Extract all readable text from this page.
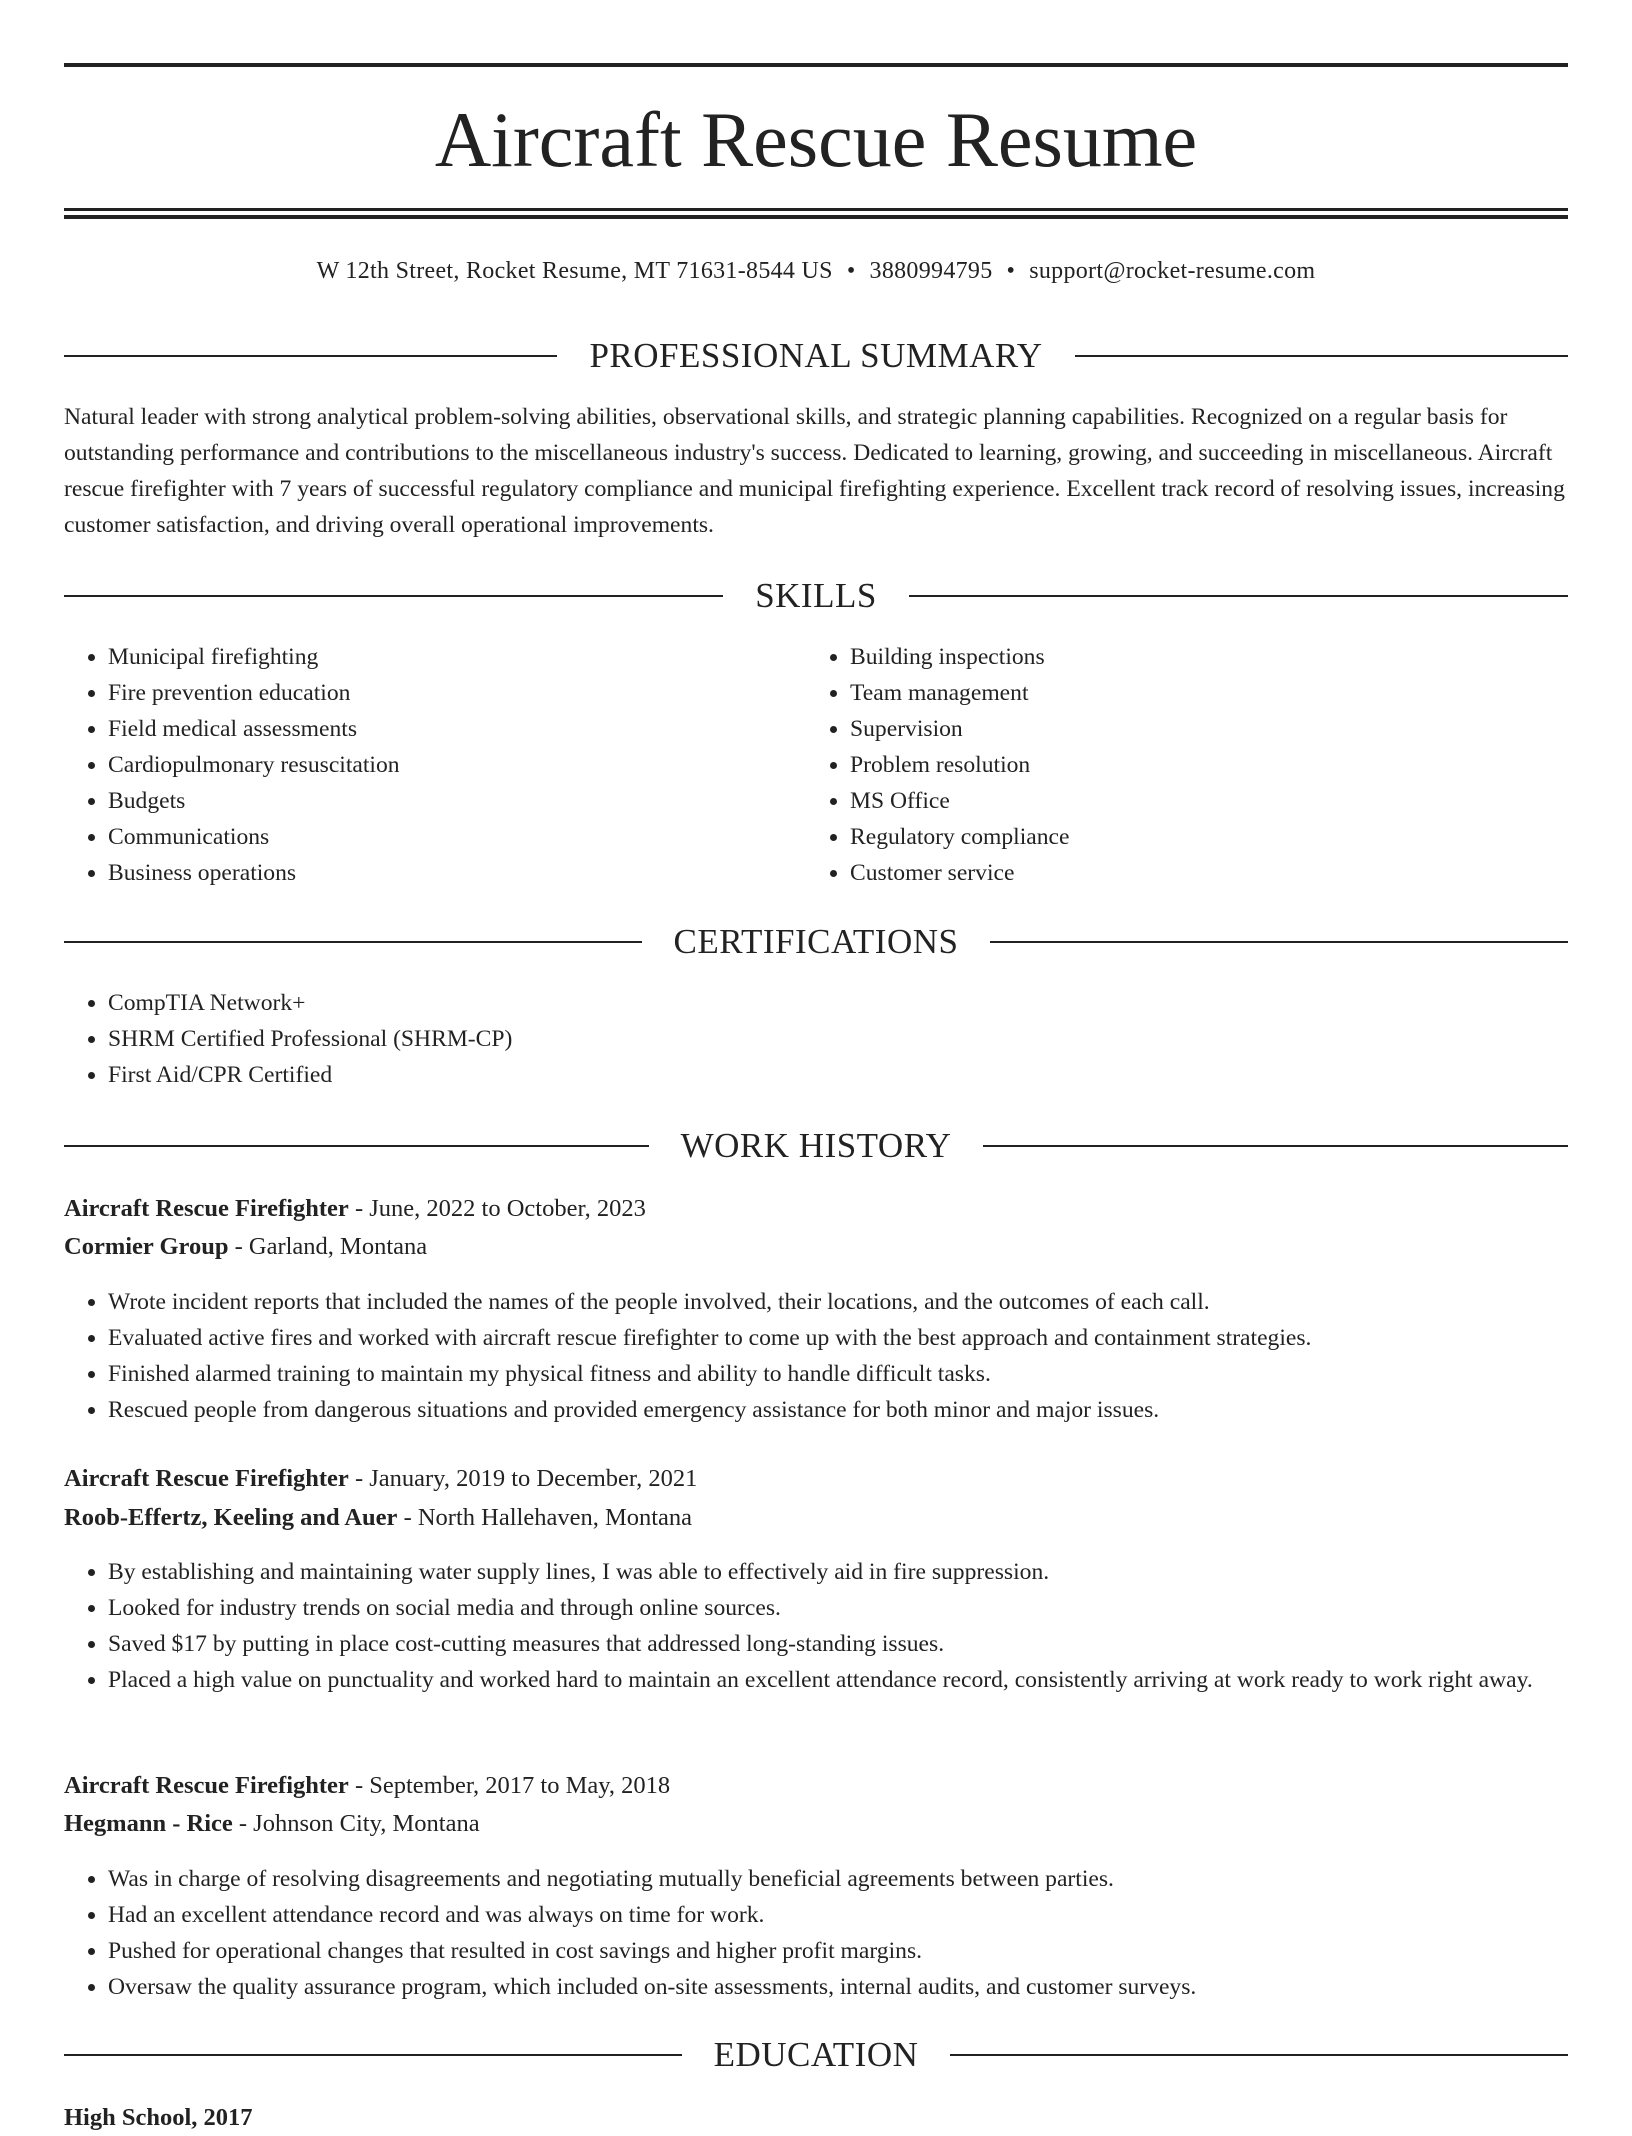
Aircraft Rescue Resume
W 12th Street, Rocket Resume, MT 71631-8544 US • 3880994795 • support@rocket-resume.com
PROFESSIONAL SUMMARY

Natural leader with strong analytical problem-solving abilities, observational skills, and strategic planning capabilities. Recognized on a regular basis for outstanding performance and contributions to the miscellaneous industry's success. Dedicated to learning, growing, and succeeding in miscellaneous. Aircraft rescue firefighter with 7 years of successful regulatory compliance and municipal firefighting experience. Excellent track record of resolving issues, increasing customer satisfaction, and driving overall operational improvements.

SKILLS
• Municipal firefighting
• Fire prevention education
• Field medical assessments
• Cardiopulmonary resuscitation
• Budgets
• Communications
• Business operations
• Building inspections
• Team management
• Supervision
• Problem resolution
• MS Office
• Regulatory compliance
• Customer service
CERTIFICATIONS
• CompTIA Network+
• SHRM Certified Professional (SHRM-CP)
• First Aid/CPR Certified
WORK HISTORY
Aircraft Rescue Firefighter - June, 2022 to October, 2023
Cormier Group - Garland, Montana
• Wrote incident reports that included the names of the people involved, their locations, and the outcomes of each call.
• Evaluated active fires and worked with aircraft rescue firefighter to come up with the best approach and containment strategies.
• Finished alarmed training to maintain my physical fitness and ability to handle difficult tasks.
• Rescued people from dangerous situations and provided emergency assistance for both minor and major issues.
Aircraft Rescue Firefighter - January, 2019 to December, 2021
Roob-Effertz, Keeling and Auer - North Hallehaven, Montana
• By establishing and maintaining water supply lines, I was able to effectively aid in fire suppression.
• Looked for industry trends on social media and through online sources.
• Saved $17 by putting in place cost-cutting measures that addressed long-standing issues.
• Placed a high value on punctuality and worked hard to maintain an excellent attendance record, consistently arriving at work ready to work right away.
Aircraft Rescue Firefighter - September, 2017 to May, 2018
Hegmann - Rice - Johnson City, Montana
• Was in charge of resolving disagreements and negotiating mutually beneficial agreements between parties.
• Had an excellent attendance record and was always on time for work.
• Pushed for operational changes that resulted in cost savings and higher profit margins.
• Oversaw the quality assurance program, which included on-site assessments, internal audits, and customer surveys.
EDUCATION
High School, 2017
